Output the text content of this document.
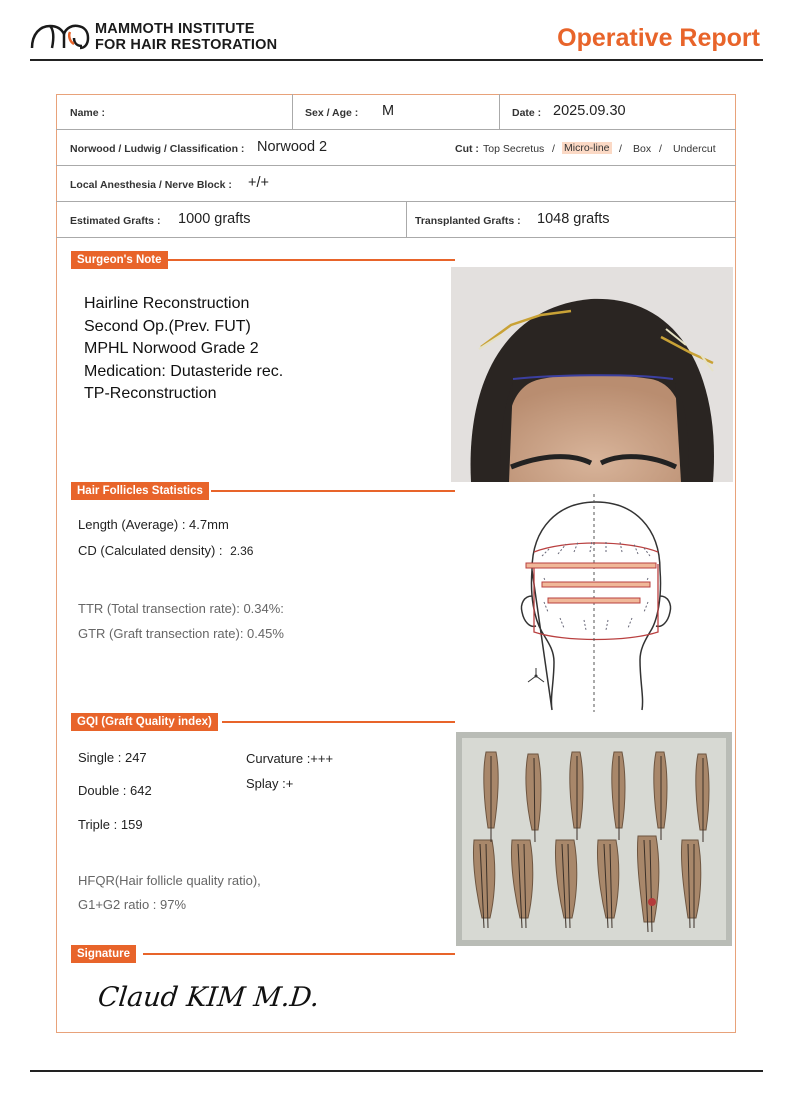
MAMMOTH INSTITUTE
FOR HAIR RESTORATION	Operative Report
Name :	Sex / Age : M	Date : 2025.09.30
Norwood / Ludwig / Classification : Norwood 2	Cut : Top Secretus / Micro-line / Box / Undercut
Local Anesthesia / Nerve Block : +/+
Estimated Grafts : 1000 grafts	Transplanted Grafts : 1048 grafts
Surgeon's Note
Hairline Reconstruction
Second Op.(Prev. FUT)
MPHL Norwood Grade 2
Medication: Dutasteride rec.
TP-Reconstruction
Hair Follicles Statistics
Length (Average) : 4.7mm
CD (Calculated density) : 2.36
TTR (Total transection rate): 0.34%:
GTR (Graft transection rate): 0.45%
GQI (Graft Quality index)
Single : 247
Double : 642
Triple : 159
Curvature :+++
Splay :+
HFQR(Hair follicle quality ratio),
G1+G2 ratio : 97%
Signature
Claud KIM M.D.
